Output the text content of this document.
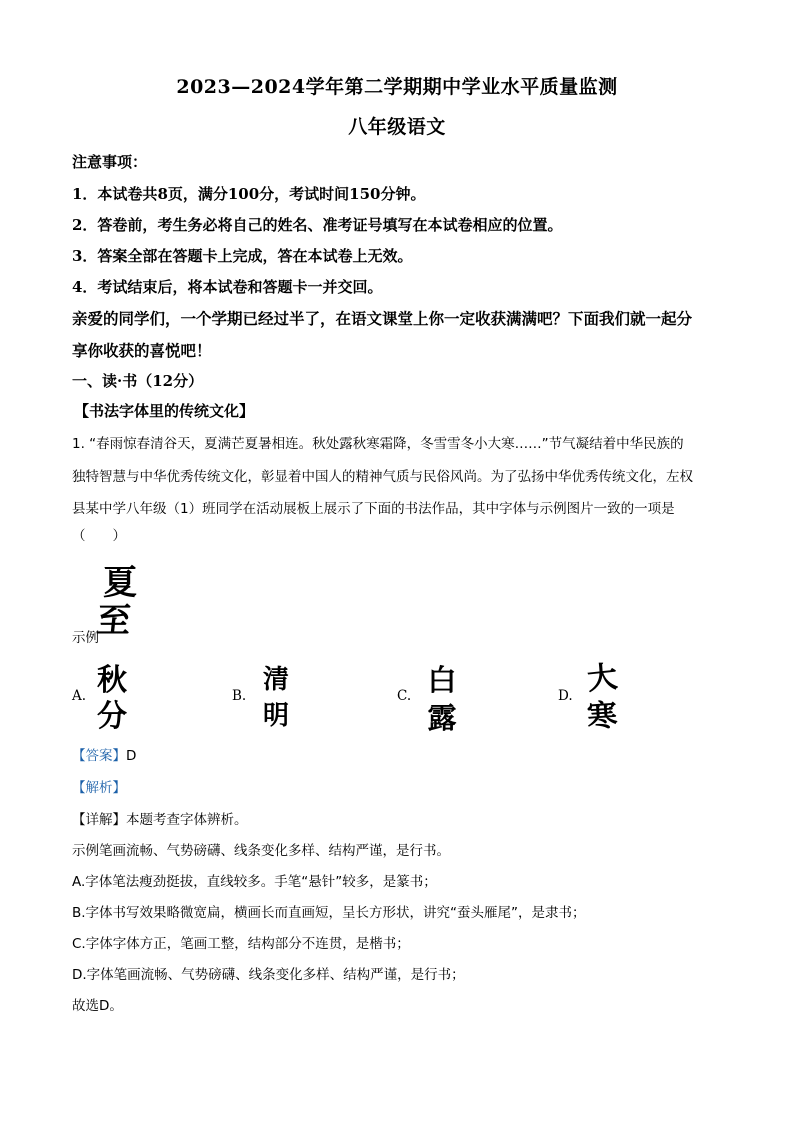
2023—2024学年第二学期期中学业水平质量监测
八年级语文
注意事项：
1．本试卷共8页，满分100分，考试时间150分钟。
2．答卷前，考生务必将自己的姓名、准考证号填写在本试卷相应的位置。
3．答案全部在答题卡上完成，答在本试卷上无效。
4．考试结束后，将本试卷和答题卡一并交回。
亲爱的同学们，一个学期已经过半了，在语文课堂上你一定收获满满吧？下面我们就一起分
享你收获的喜悦吧！
一、读·书（12分）
【书法字体里的传统文化】
1. “春雨惊春清谷天，夏满芒夏暑相连。秋处露秋寒霜降，冬雪雪冬小大寒……”节气凝结着中华民族的
独特智慧与中华优秀传统文化，彰显着中国人的精神气质与民俗风尚。为了弘扬中华优秀传统文化，左权
县某中学八年级（1）班同学在活动展板上展示了下面的书法作品，其中字体与示例图片一致的一项是
（　　）
夏
至
示例
A. 秋
分
B.
清
明
C. 白
露
D. 大
寒
【答案】D
【解析】
【详解】本题考查字体辨析。
示例笔画流畅、气势磅礴、线条变化多样、结构严谨，是行书。
A.字体笔法瘦劲挺拔，直线较多。手笔“悬针”较多，是篆书；
B.字体书写效果略微宽扁，横画长而直画短，呈长方形状，讲究“蚕头雁尾”，是隶书；
C.字体字体方正，笔画工整，结构部分不连贯，是楷书；
D.字体笔画流畅、气势磅礴、线条变化多样、结构严谨，是行书；
故选D。
